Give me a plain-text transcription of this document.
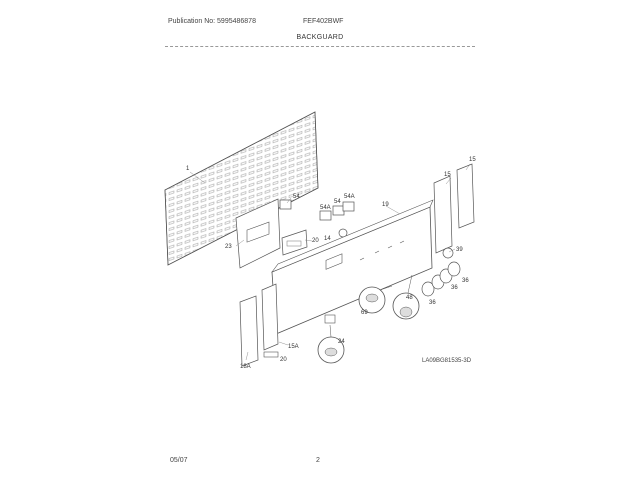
Publication No: 5995486878	FEF402BWF
BACKGUARD
1
54
54A
54
54A
15
15
19
23
20 14
39
36
36
36
48
69
24
18A
15A
20	LA09BG81535-3D
05/07	2
